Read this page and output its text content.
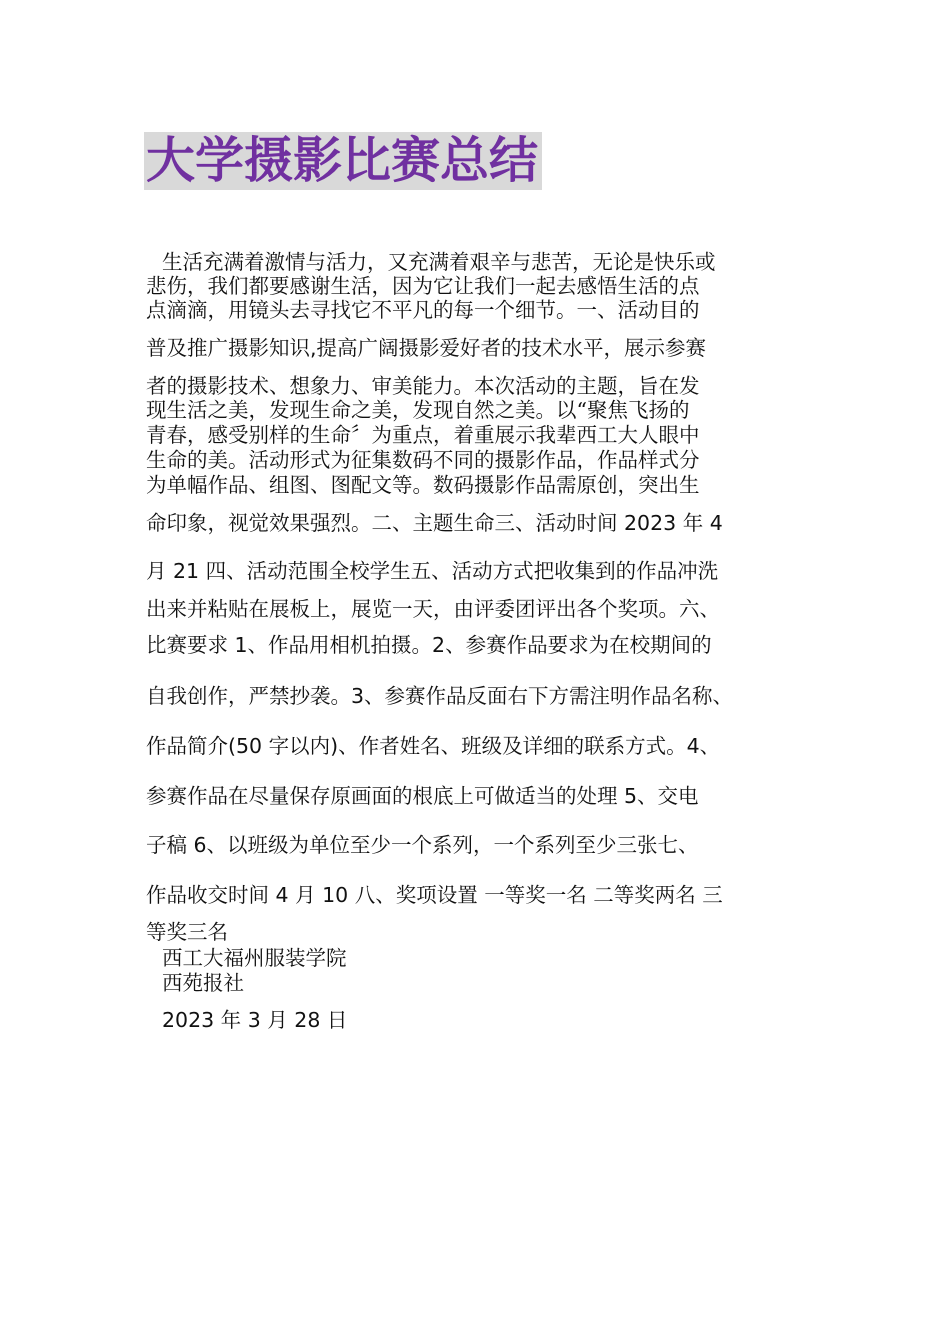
大学摄影比赛总结
生活充满着激情与活力，又充满着艰辛与悲苦，无论是快乐或
悲伤，我们都要感谢生活，因为它让我们一起去感悟生活的点
点滴滴，用镜头去寻找它不平凡的每一个细节。一、活动目的
普及推广摄影知识,提高广阔摄影爱好者的技术水平，展示参赛
者的摄影技术、想象力、审美能力。本次活动的主题，旨在发
现生活之美，发现生命之美，发现自然之美。以“聚焦飞扬的
青春，感受别样的生命〞为重点，着重展示我辈西工大人眼中
生命的美。活动形式为征集数码不同的摄影作品，作品样式分
为单幅作品、组图、图配文等。数码摄影作品需原创，突出生
命印象，视觉效果强烈。二、主题生命三、活动时间 2023 年 4
月 21 四、活动范围全校学生五、活动方式把收集到的作品冲洗
出来并粘贴在展板上，展览一天，由评委团评出各个奖项。六、
比赛要求 1、作品用相机拍摄。2、参赛作品要求为在校期间的
自我创作，严禁抄袭。3、参赛作品反面右下方需注明作品名称、
作品简介(50 字以内)、作者姓名、班级及详细的联系方式。4、
参赛作品在尽量保存原画面的根底上可做适当的处理 5、交电
子稿 6、以班级为单位至少一个系列，一个系列至少三张七、
作品收交时间 4 月 10 八、奖项设置 一等奖一名 二等奖两名 三
等奖三名
西工大福州服装学院
西苑报社
2023 年 3 月 28 日
